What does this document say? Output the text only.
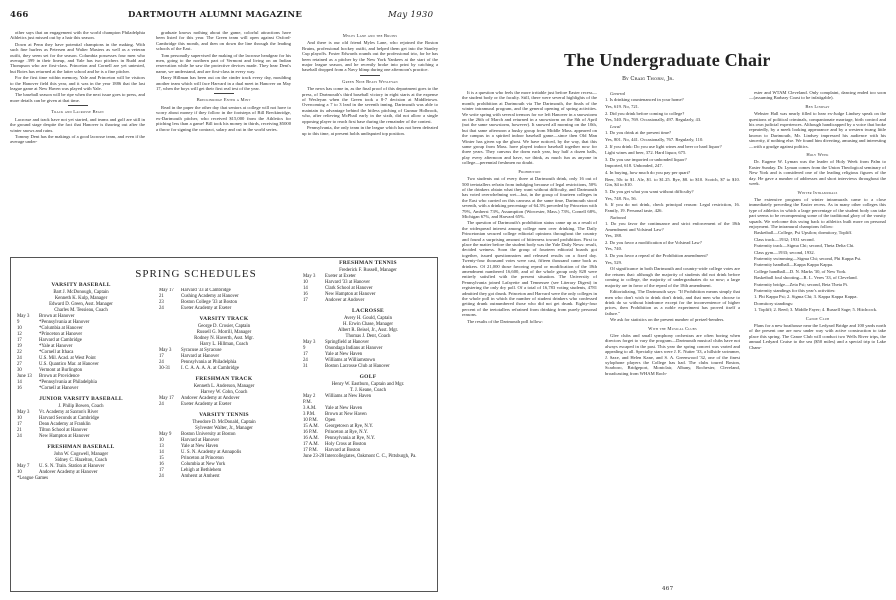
466	DARTMOUTH ALUMNI MAGAZINE	May 1930

other says that an engagement with the world champion Philadelphia Athletics just missed out by a hair this season.

Down at Penn they have potential champions in the making. With such fine hurlers as Petersen and Walter Masters as well as a veteran outfit, they seem set for the season. Columbia possesses four men who average .399 in their lineup, and Yale has two pitchers in Rudd and Thompson who are first-class. Princeton and Cornell are yet untested, but Boies has returned at the latter school and he is a fine pitcher.

For the first time within memory, Yale and Princeton will be visitors to the Hanover field this year, and it was in the year 1886 that the last league game at New Haven was played with Yale.

The baseball season will be ripe when the next issue goes to press, and more details can be given at that time.

Track and Lacrosse Begin

Lacrosse and track have not yet started, and teams and golf are still in the ground stage despite the fact that Hanover is thawing out after the winter snows and rains.

Tommy Dent has the makings of a good lacrosse team, and even if the average under-

graduate knows nothing about the game, colorful attractions have been listed for this year. The Green team will open against Oxford-Cambridge this month, and then on down the line through the leading schools of the East.

Tom personally supervised the making of the lacrosse headgear for his men, going to the northern part of Vermont and living on an Indian reservation while he saw the protective devices made. They hear Dent's name, we understand, and are first-class in every way.

Harry Hillman has been out on the cinder track every day, moulding another team which will face Harvard in a dual meet in Hanover on May 17, when the boys will get their first real test of the year.

Breckinridge Enter a Mint

Read in the paper the other day that seniors at college will not have to worry about money if they follow in the footsteps of Bill Breckinridge, ex-Dartmouth pitcher, who received $15,000 from the Athletics for pitching less than a game! Bill took his money in thirds, receiving $5000 a throw for signing the contract, salary and cut in the world series.

Myles Lane and the Bruins

And there is our old friend Myles Lane, who rejoined the Boston Bruins, professional hockey outfit, and helped them get into the Stanley Cup playoffs. Foster Edwards rounds out the professional trio, for he has been retained as a pitcher by the New York Yankees at the start of the major league season, and he recently broke into print by catching a baseball dropped from a Navy blimp during one afternoon's practice.

Green Nine Beats Wesleyan

The news has come in, as the final proof of this department goes to the press, of Dartmouth's third baseball victory in eight starts at the expense of Wesleyan when the Green took a 8-7 decision at Middletown. Overcoming a 7 to 3 lead in the seventh inning, Dartmouth was able to maintain its advantage behind the hitless pitching of Gunnar Holbrook, who, after relieving McPhail early in the sixth, did not allow a single opposing player to reach first base during the remainder of the contest.

Pennsylvania, the only team in the league which has not been defeated up to this time, at present holds undisputed top position.

SPRING SCHEDULES
VARSITY BASEBALL
Bart J. McDonough, Captain
Kenneth K. Kulp, Manager
Edward D. Green, Asst. Manager
Charles M. Tessieau, Coach
May 3	Brown at Hanover
9	*Pennsylvania at Hanover
10	*Columbia at Hanover
12	*Princeton at Hanover
17	Harvard at Cambridge
19	*Yale at Hanover
22	*Cornell at Ithaca
24	U.S. Mil. Acad. at West Point
27	U.S. Quantico Mar. at Hanover
30	Vermont at Burlington
June 13	Brown at Providence
14	*Pennsylvania at Philadelphia
16	*Cornell at Hanover
JUNIOR VARSITY BASEBALL
J. Philip Bowen, Coach
May 3	Vt. Academy at Saxton's River
10	Harvard Seconds at Cambridge
17	Dean Academy at Franklin
21	Tilton School at Hanover
24	New Hampton at Hanover
FRESHMAN BASEBALL
John W. Cogswell, Manager
Sidney C. Hazelton, Coach
May 7	U. S. N. Train. Station at Hanover
10	Andover Academy at Hanover
*League Games
May 17	Harvard '33 at Cambridge
21	Cushing Academy at Hanover
23	Boston College '33 at Boston
24	Exeter Academy at Exeter
VARSITY TRACK
George D. Crosier, Captain
Russell G. Morrill, Manager
Rodney N. Haverth, Asst. Mgr.
Harry L. Hillman, Coach
May 3	Syracuse at Syracuse
17	Harvard at Hanover
24	Pennsylvania at Philadelphia
30-31	I. C. A. A. A. A. at Cambridge
FRESHMAN TRACK
Kenneth L. Anderson, Manager
Harvey W. Cohn, Coach
May 17	Andover Academy at Andover
24	Exeter Academy at Exeter
VARSITY TENNIS
Theodore D. McDonald, Captain
Sylvester Walter, Jr., Manager
May 9	Boston University at Boston
10	Harvard at Hanover
13	Yale at New Haven
14	U. S. N. Academy at Annapolis
15	Princeton at Princeton
16	Columbia at New York
17	Lehigh at Bethlehem
24	Amherst at Amherst
FRESHMAN TENNIS
Frederick F. Russell, Manager
May 3	Exeter at Exeter
10	Harvard '33 at Hanover
14	Clark School at Hanover
16	New Hampton at Hanover
17	Andover at Andover
LACROSSE
Avery H. Gould, Captain
H. Erwin Chase, Manager
Albert R. Beisel, Jr., Asst. Mgr.
Thomas J. Dent, Coach
May 3	Springfield at Hanover
9	Onondaga Indians at Hanover
17	Yale at New Haven
24	Williams at Williamstown
31	Boston Lacrosse Club at Hanover
GOLF
Henry W. Eastburn, Captain and Mgr.
T. J. Keane, Coach
May 2 P.M.
Williams at New Haven
3 A.M.	Yale at New Haven
3 P.M.	Brown at New Haven
10 P.M.	Open
15 A.M.	Georgetown at Rye, N.Y.
16 P.M.	Princeton at Rye, N.Y.
16 A.M.	Pennsylvania at Rye, N.Y.
17 A.M.	Holy Cross at Boston
17 P.M.	Harvard at Boston
June 23-28 Intercollegiates, Oakmont C. C., Pittsburgh, Pa.
The Undergraduate Chair
By Craig Thorn, Jr.
467

It is a question who feels the more irritable just before Easter recess—the student body or the faculty. Still, there were several highlights of the month; prohibition at Dartmouth via The Dartmouth, the finals of the winter intramural program, and the general opening of spring activities. We write spring with several tremors for we left Hanover in a snowstorm on the 26th of March and returned in a snowstorm on the 8th of April (not the same snowstorm, however). It snowed all morning on the 10th, but that same afternoon a husky group from Middle Mass. appeared on the campus in a spirited indoor baseball game—since then Old Man Winter has given up the ghost. We have noticed, by the way, that this same group from Mass. have played indoor baseball together now for three years. They canvass the dorm each year, buy half a dozen balls, play every afternoon and have, we think, as much fun as anyone in college—perennial freshmen no doubt.

Prohibition

Two students out of every three at Dartmouth drink, only 16 out of 500 teetotallers refrain from indulging because of legal restrictions, 50% of the drinkers obtain what they want without difficulty, and Dartmouth has voted overwhelming wet—but, in the group of fourteen colleges in the East who carried on this canvass at the same time, Dartmouth stood seventh, with a drinking percentage of 64.3% preceded by Princeton with 79%, Amherst 73%, Assumption (Worcester, Mass.) 73%, Cornell 68%, Michigan 67%, and Harvard 65%.

The question of Dartmouth's prohibition status came up as a result of the widespread interest among college men over drinking. The Daily Princetonian secured college editorial opinions throughout the country and found a surprising amount of bitterness toward prohibition. First to place the matter before the student body was the Yale Daily News: result, decided wetness. Soon the group of fourteen editorial boards got together, issued questionnaires and released results on a fixed day. Twenty-four thousand votes were cast, fifteen thousand came back as drinkers. Of 21,000 those favoring repeal or modification of the 18th amendment numbered 16,600, and of the whole group only 828 were entirely satisfied with the present situation. The University of Pennsylvania joined Lafayette and Tennessee (see Literary Digest) in registering the only dry poll. Of a total of 16,783 voting students, 4781 admitted they got drunk. Princeton and Harvard were the only colleges in the whole poll in which the number of student drinkers who confessed getting drunk outnumbered those who did not get drunk. Eighty-four percent of the teetotallers refrained from drinking from purely personal reasons.

The results of the Dartmouth poll follow:

General

1. Is drinking countenanced in your home?

Yes, 619. No, 721.

2. Did you drink before coming to college?

Yes, 540. No, 769. Occasionally, 497. Regularly, 43.

Local

1. Do you drink at the present time?

Yes, 801. No, 441. Occasionally, 767. Regularly, 110.

2. If you drink: Do you use light wines and beer or hard liquor?

Light wines and beer, 372. Hard liquor, 675.

3. Do you use imported or unbonded liquor?

Imported, 618. Unbonded, 247.

4. In buying, how much do you pay per quart?

Beer, 50c to $1. Ale, $1. to $1.25. Rye, $8. to $10. Scotch, $7 to $10. Gin, $4 to $10.

5. Do you get what you want without difficulty?

Yes, 748. No, 56.

6. If you do not drink, check principal reason: Legal restriction, 16. Family, 19. Personal taste, 426.

National

1. Do you favor the continuance and strict enforcement of the 18th Amendment and Volstead Law?

Yes, 188.

2. Do you favor a modification of the Volstead Law?

Yes, 740.

3. Do you favor a repeal of the Prohibition amendment?

Yes, 529.

Of significance in both Dartmouth and country-wide college votes are the returns that: although the majority of students did not drink before coming to college, the majority of undergraduates do so now; a large majority are in favor of the repeal of the 18th amendment.

Editorializing, The Dartmouth says: "If Prohibition means simply that men who don't wish to drink don't drink, and that men who choose to drink do so without hindrance except for the inconvenience of higher prices, then Prohibition as a noble experiment has proved itself a failure."

We ask for statistics on the present number of pretzel-benders.

With the Musical Clubs

Glee clubs and small symphony orchestras are often boring when directors forget to vary the program—Dartmouth musical clubs have not always escaped in the past. This year the spring concert was varied and appealing to all. Specialty stars were J. E. Nutter '33, a hillside swimmer, J. Saxe, and Helen Kane, and S. A. Greenwood '32, one of the finest xylophone players the College has had. The clubs toured Boston, Scarboro, Bridgeport, Montclair, Albany, Rochester, Cleveland, broadcasting from WHAM Roch-

ester and WTAM Cleveland. Only complaint, dancing ended too soon—(assuming Barbary Coast to be infatigable).

Ben Lindsay

Webster Hall was nearly filled to hear ex-Judge Lindsey speak on the questions of political criminals, companionate marriage, birth control and his own judicial experiences. Although handicapped by a voice that broke repeatedly, by a meek looking appearance and by a western twang little known to Dartmouth, Mr. Lindsey impressed his audience with his sincerity, if nothing else. We found him diverting, amusing and interesting—with a grudge against politics.

Holy Week

Dr. Eugene W. Lyman was the leader of Holy Week from Palm to Easter Sunday. Dr. Lyman comes from the Union Theological seminary of New York and is considered one of the leading religious figures of the day. He gave a number of addresses and short interviews throughout the week.

Winter Intramurals

The extensive program of winter intramurals came to a close immediately preceding the Easter recess. As in many other colleges this type of athletics in which a large percentage of the student body can take part seems to be recompensing some of the traditional glory of the varsity squads. We welcome this swing back to athletics built more on personal enjoyment. The intramural champions follow:

Basketball—College, Psi Upsilon; dormitory, Topliff.

Class track—1932; 1931 second.

Fraternity track—Sigma Chi; second, Theta Delta Chi.

Class gym—1933; second, 1932.

Fraternity swimming—Sigma Chi; second, Phi Kappa Psi.

Fraternity handball—Kappa Kappa Kappa.

College handball—D. N. Marks '30, of New York.

Basketball foul shooting—R. L. Veres '33, of Cleveland.

Fraternity bridge—Zeta Psi; second, Beta Theta Pi.

Fraternity standings for this year's activities:

1. Phi Kappa Psi; 2. Sigma Chi; 3. Kappa Kappa Kappa.

Dormitory standings:

1. Topliff; 2. Reed; 3. Middle Fayer; 4. Russell Sage; 5. Hitchcock.

Canoe Club

Plans for a new boathouse near the Ledyard Bridge and 100 yards north of the present one are now under way with active construction to take place this spring. The Canoe Club will conduct two Wells River trips, the annual Ledyard Cruise to the sea ($50 miles) and a special trip to Lake Cham-
